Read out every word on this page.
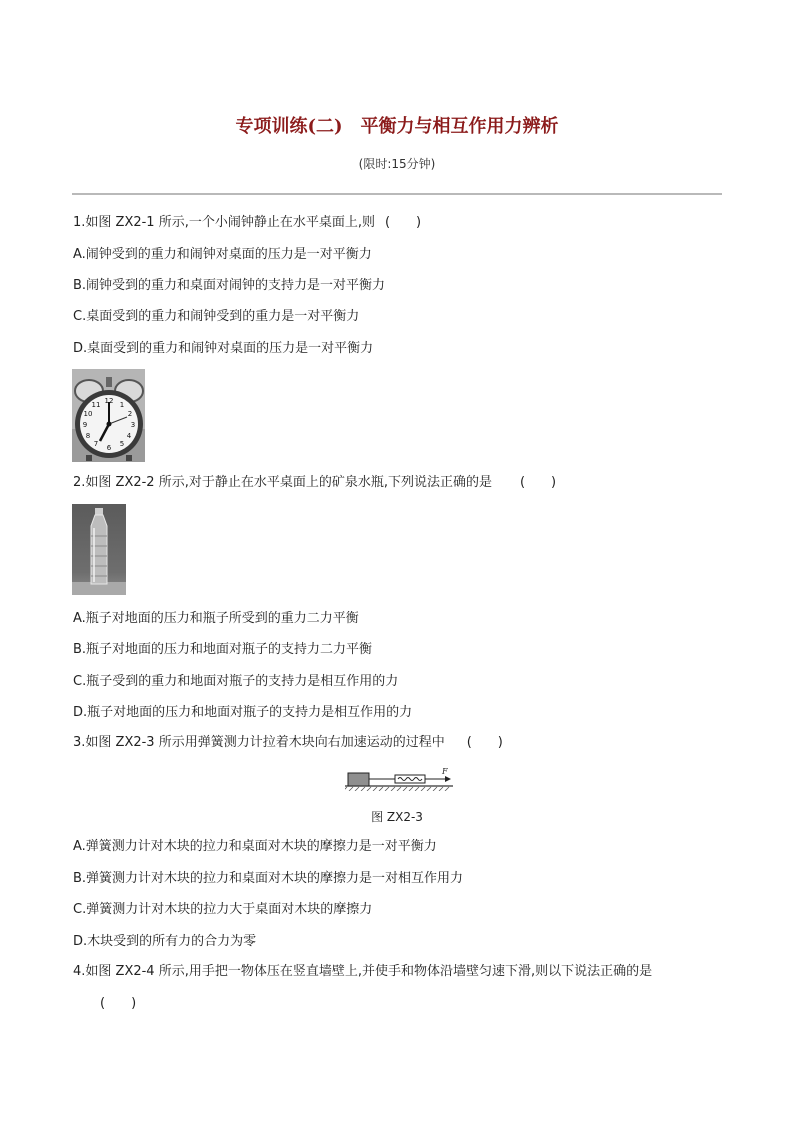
专项训练(二)　平衡力与相互作用力辨析
(限时:15分钟)
1.如图 ZX2-1 所示,一个小闹钟静止在水平桌面上,则 (　　)
A.闹钟受到的重力和闹钟对桌面的压力是一对平衡力
B.闹钟受到的重力和桌面对闹钟的支持力是一对平衡力
C.桌面受到的重力和闹钟受到的重力是一对平衡力
D.桌面受到的重力和闹钟对桌面的压力是一对平衡力
12 1
2
3
4
5
6
7
8
9
10
11
2.如图 ZX2-2 所示,对于静止在水平桌面上的矿泉水瓶,下列说法正确的是 (　　)
A.瓶子对地面的压力和瓶子所受到的重力二力平衡
B.瓶子对地面的压力和地面对瓶子的支持力二力平衡
C.瓶子受到的重力和地面对瓶子的支持力是相互作用的力
D.瓶子对地面的压力和地面对瓶子的支持力是相互作用的力
3.如图 ZX2-3 所示用弹簧测力计拉着木块向右加速运动的过程中 (　　)
F
图 ZX2-3
A.弹簧测力计对木块的拉力和桌面对木块的摩擦力是一对平衡力
B.弹簧测力计对木块的拉力和桌面对木块的摩擦力是一对相互作用力
C.弹簧测力计对木块的拉力大于桌面对木块的摩擦力
D.木块受到的所有力的合力为零
4.如图 ZX2-4 所示,用手把一物体压在竖直墙壁上,并使手和物体沿墙壁匀速下滑,则以下说法正确的是
(　　)
